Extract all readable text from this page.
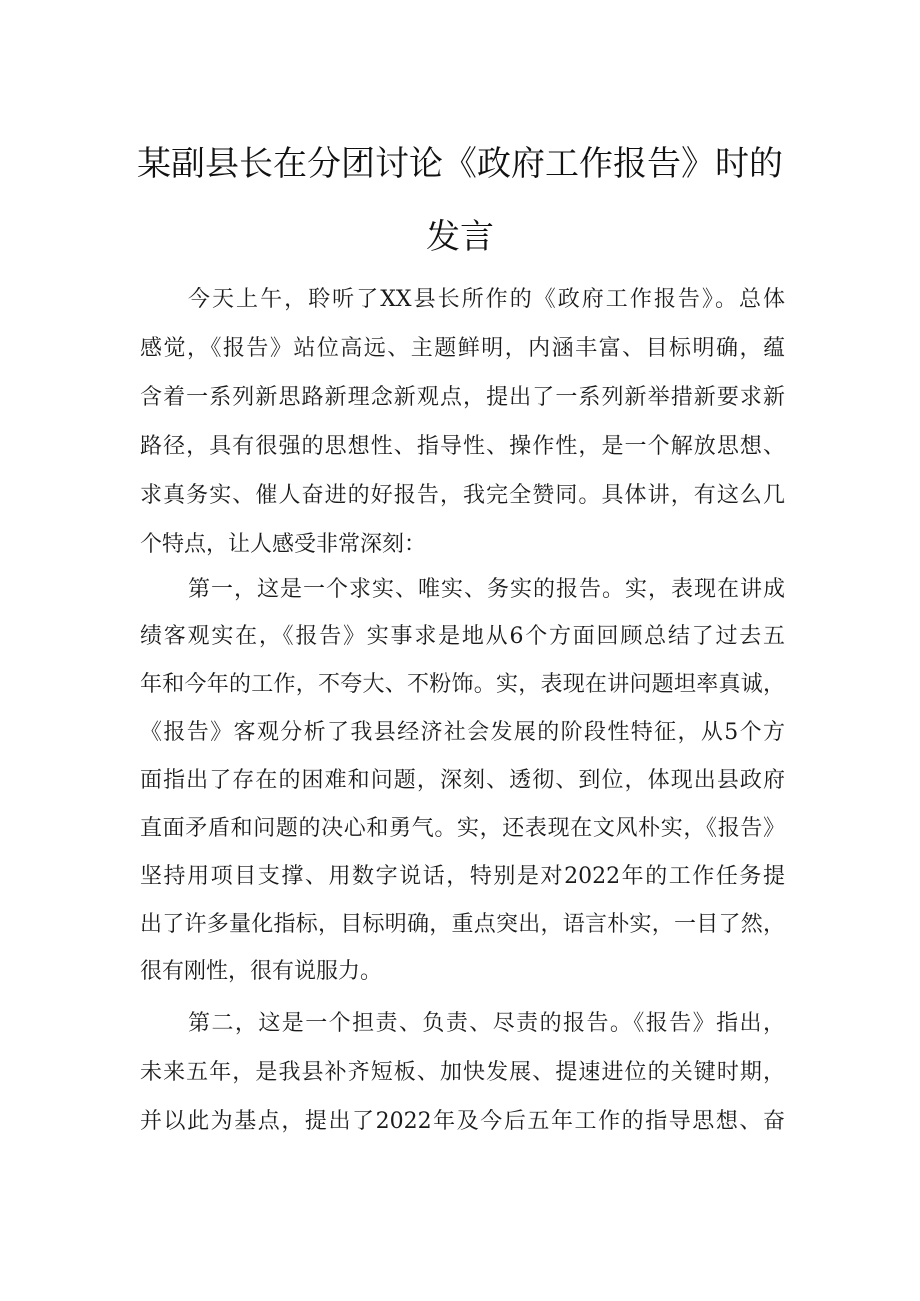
某副县长在分团讨论《政府工作报告》时的
发言
今天上午，聆听了XX县长所作的《政府工作报告》。总体
感觉，《报告》站位高远、主题鲜明，内涵丰富、目标明确，蕴
含着一系列新思路新理念新观点，提出了一系列新举措新要求新
路径，具有很强的思想性、指导性、操作性，是一个解放思想、
求真务实、催人奋进的好报告，我完全赞同。具体讲，有这么几
个特点，让人感受非常深刻：
第一，这是一个求实、唯实、务实的报告。实，表现在讲成
绩客观实在，《报告》实事求是地从6个方面回顾总结了过去五
年和今年的工作，不夸大、不粉饰。实，表现在讲问题坦率真诚，
《报告》客观分析了我县经济社会发展的阶段性特征，从5个方
面指出了存在的困难和问题，深刻、透彻、到位，体现出县政府
直面矛盾和问题的决心和勇气。实，还表现在文风朴实，《报告》
坚持用项目支撑、用数字说话，特别是对2022年的工作任务提
出了许多量化指标，目标明确，重点突出，语言朴实，一目了然，
很有刚性，很有说服力。
第二，这是一个担责、负责、尽责的报告。《报告》指出，
未来五年，是我县补齐短板、加快发展、提速进位的关键时期，
并以此为基点，提出了2022年及今后五年工作的指导思想、奋
